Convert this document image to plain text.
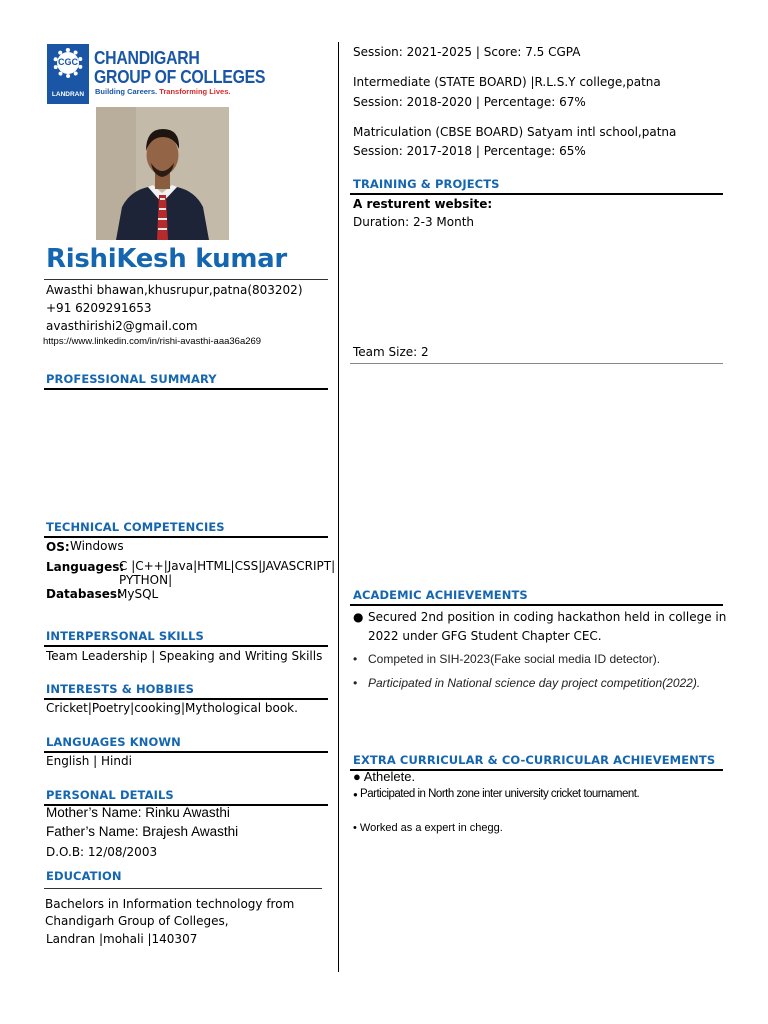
CGC
LANDRAN
CHANDIGARH
GROUP OF COLLEGES
Building Careers. Transforming Lives.
RishiKesh kumar
Awasthi bhawan,khusrupur,patna(803202)
+91 6209291653
avasthirishi2@gmail.com
https://www.linkedin.com/in/rishi-avasthi-aaa36a269
PROFESSIONAL SUMMARY
TECHNICAL COMPETENCIES
OS: Windows
Languages:
C |C++|Java|HTML|CSS|JAVASCRIPT|
PYTHON|
Databases:
MySQL
INTERPERSONAL SKILLS
Team Leadership | Speaking and Writing Skills
INTERESTS & HOBBIES
Cricket|Poetry|cooking|Mythological book.
LANGUAGES KNOWN
English | Hindi
PERSONAL DETAILS
Mother’s Name: Rinku Awasthi
Father’s Name: Brajesh Awasthi
D.O.B: 12/08/2003
EDUCATION
Bachelors in Information technology from
Chandigarh Group of Colleges,
Landran |mohali |140307
Session: 2021-2025 | Score: 7.5 CGPA
Intermediate (STATE BOARD) |R.L.S.Y college,patna
Session: 2018-2020 | Percentage: 67%
Matriculation (CBSE BOARD) Satyam intl school,patna
Session: 2017-2018 | Percentage: 65%
TRAINING & PROJECTS
A resturent website:
Duration: 2-3 Month
Team Size: 2
ACADEMIC ACHIEVEMENTS
● Secured 2nd position in coding hackathon held in college in
2022 under GFG Student Chapter CEC.
• Competed in SIH-2023(Fake social media ID detector).
• Participated in National science day project competition(2022).
EXTRA CURRICULAR & CO-CURRICULAR ACHIEVEMENTS
● Athelete.
● Participated in North zone inter university cricket tournament.
• Worked as a expert in chegg.
